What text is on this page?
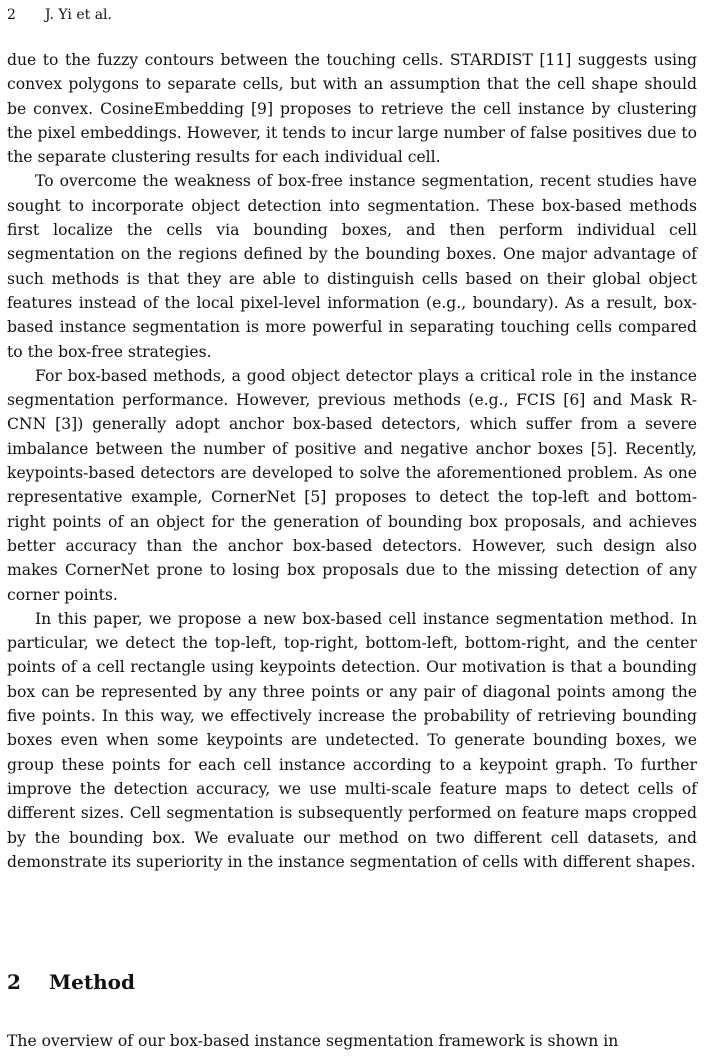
2 J. Yi et al.

due to the fuzzy contours between the touching cells. STARDIST [11] suggests using convex polygons to separate cells, but with an assumption that the cell shape should be convex. CosineEmbedding [9] proposes to retrieve the cell instance by clustering the pixel embeddings. However, it tends to incur large number of false positives due to the separate clustering results for each individual cell.

To overcome the weakness of box-free instance segmentation, recent studies have sought to incorporate object detection into segmentation. These box-based methods first localize the cells via bounding boxes, and then perform individual cell segmentation on the regions defined by the bounding boxes. One major advantage of such methods is that they are able to distinguish cells based on their global object features instead of the local pixel-level information (e.g., boundary). As a result, box-based instance segmentation is more powerful in separating touching cells compared to the box-free strategies.

For box-based methods, a good object detector plays a critical role in the instance segmentation performance. However, previous methods (e.g., FCIS [6] and Mask R-CNN [3]) generally adopt anchor box-based detectors, which suffer from a severe imbalance between the number of positive and negative anchor boxes [5]. Recently, keypoints-based detectors are developed to solve the aforementioned problem. As one representative example, CornerNet [5] proposes to detect the top-left and bottom-right points of an object for the generation of bounding box proposals, and achieves better accuracy than the anchor box-based detectors. However, such design also makes CornerNet prone to losing box proposals due to the missing detection of any corner points.

In this paper, we propose a new box-based cell instance segmentation method. In particular, we detect the top-left, top-right, bottom-left, bottom-right, and the center points of a cell rectangle using keypoints detection. Our motivation is that a bounding box can be represented by any three points or any pair of diagonal points among the five points. In this way, we effectively increase the probability of retrieving bounding boxes even when some keypoints are undetected. To generate bounding boxes, we group these points for each cell instance according to a keypoint graph. To further improve the detection accuracy, we use multi-scale feature maps to detect cells of different sizes. Cell segmentation is subsequently performed on feature maps cropped by the bounding box. We evaluate our method on two different cell datasets, and demonstrate its superiority in the instance segmentation of cells with different shapes.

2 Method
The overview of our box-based instance segmentation framework is shown in
